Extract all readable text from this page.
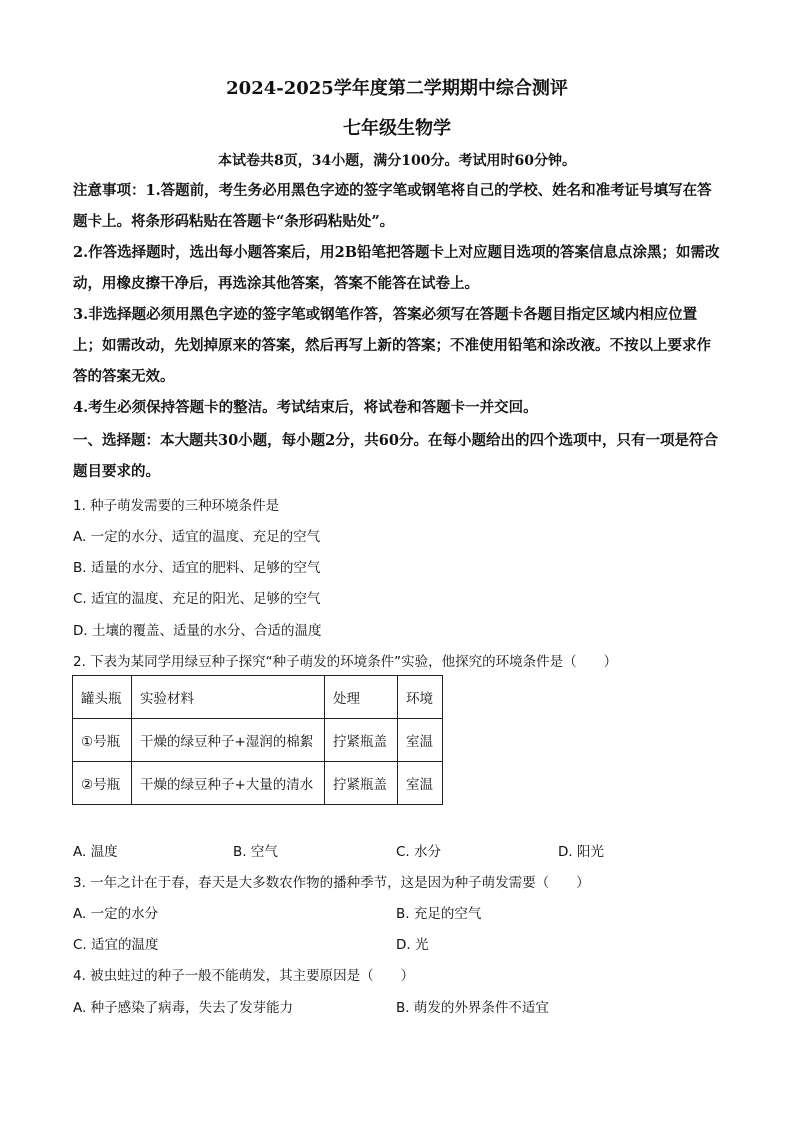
2024-2025学年度第二学期期中综合测评
七年级生物学
本试卷共8页，34小题，满分100分。考试用时60分钟。
注意事项：1.答题前，考生务必用黑色字迹的签字笔或钢笔将自己的学校、姓名和准考证号填写在答题卡上。将条形码粘贴在答题卡“条形码粘贴处”。
2.作答选择题时，选出每小题答案后，用2B铅笔把答题卡上对应题目选项的答案信息点涂黑；如需改动，用橡皮擦干净后，再选涂其他答案，答案不能答在试卷上。
3.非选择题必须用黑色字迹的签字笔或钢笔作答，答案必须写在答题卡各题目指定区域内相应位置上；如需改动，先划掉原来的答案，然后再写上新的答案；不准使用铅笔和涂改液。不按以上要求作答的答案无效。
4.考生必须保持答题卡的整洁。考试结束后，将试卷和答题卡一并交回。
一、选择题：本大题共30小题，每小题2分，共60分。在每小题给出的四个选项中，只有一项是符合题目要求的。
1. 种子萌发需要的三种环境条件是
A. 一定的水分、适宜的温度、充足的空气
B. 适量的水分、适宜的肥料、足够的空气
C. 适宜的温度、充足的阳光、足够的空气
D. 土壤的覆盖、适量的水分、合适的温度
2. 下表为某同学用绿豆种子探究“种子萌发的环境条件”实验，他探究的环境条件是（　　）
罐头瓶	实验材料	处理	环境
①号瓶	干燥的绿豆种子+湿润的棉絮	拧紧瓶盖	室温
②号瓶	干燥的绿豆种子+大量的清水	拧紧瓶盖	室温
A. 温度	B. 空气	C. 水分	D. 阳光
3. 一年之计在于春，春天是大多数农作物的播种季节，这是因为种子萌发需要（　　）
A. 一定的水分	B. 充足的空气
C. 适宜的温度	D. 光
4. 被虫蛀过的种子一般不能萌发，其主要原因是（　　）
A. 种子感染了病毒，失去了发芽能力	B. 萌发的外界条件不适宜
